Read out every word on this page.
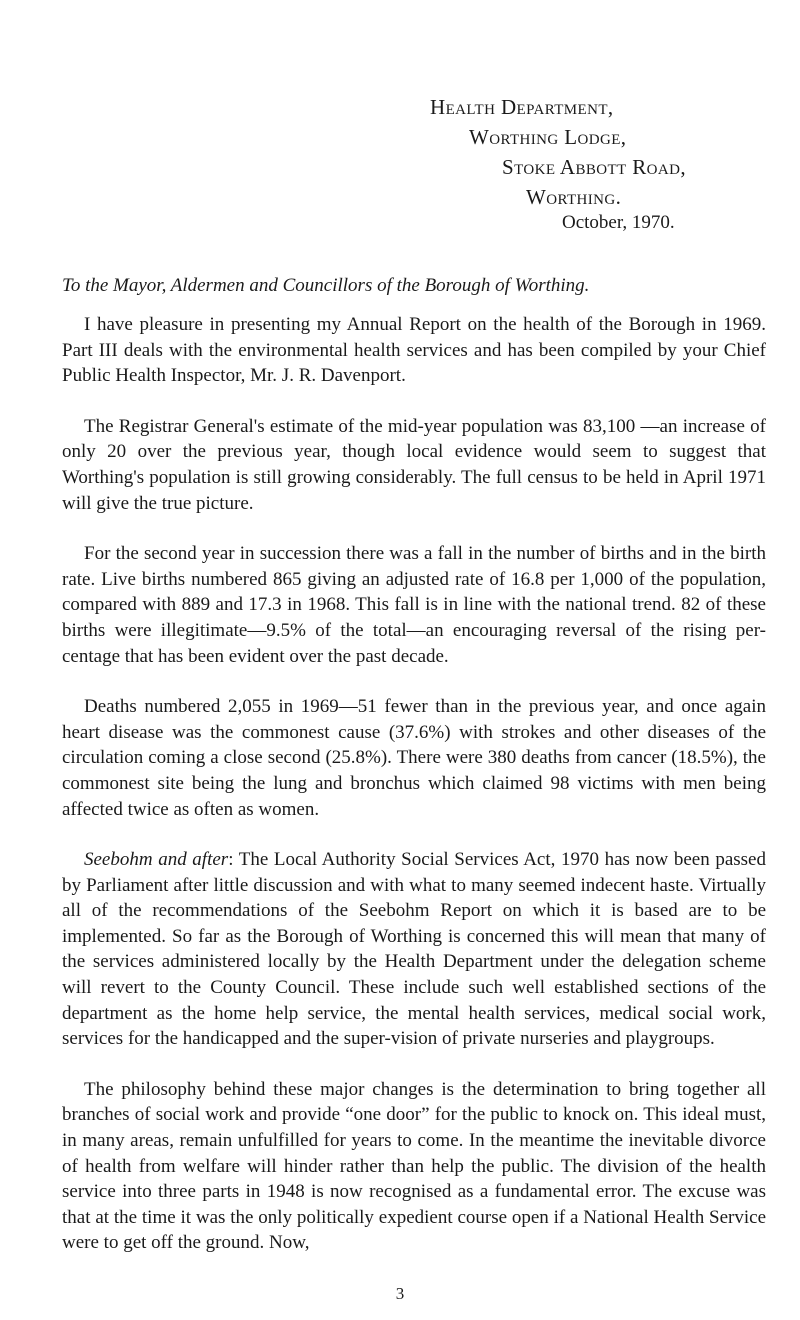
Health Department,
Worthing Lodge,
Stoke Abbott Road,
Worthing.
October, 1970.
To the Mayor, Aldermen and Councillors of the Borough of Worthing.

I have pleasure in presenting my Annual Report on the health of the Borough in 1969. Part III deals with the environmental health services and has been compiled by your Chief Public Health Inspector, Mr. J. R. Davenport.

The Registrar General's estimate of the mid-year population was 83,100 —an increase of only 20 over the previous year, though local evidence would seem to suggest that Worthing's population is still growing considerably. The full census to be held in April 1971 will give the true picture.

For the second year in succession there was a fall in the number of births and in the birth rate. Live births numbered 865 giving an adjusted rate of 16.8 per 1,000 of the population, compared with 889 and 17.3 in 1968. This fall is in line with the national trend. 82 of these births were illegitimate—9.5% of the total—an encouraging reversal of the rising per-centage that has been evident over the past decade.

Deaths numbered 2,055 in 1969—51 fewer than in the previous year, and once again heart disease was the commonest cause (37.6%) with strokes and other diseases of the circulation coming a close second (25.8%). There were 380 deaths from cancer (18.5%), the commonest site being the lung and bronchus which claimed 98 victims with men being affected twice as often as women.

Seebohm and after: The Local Authority Social Services Act, 1970 has now been passed by Parliament after little discussion and with what to many seemed indecent haste. Virtually all of the recommendations of the Seebohm Report on which it is based are to be implemented. So far as the Borough of Worthing is concerned this will mean that many of the services administered locally by the Health Department under the delegation scheme will revert to the County Council. These include such well established sections of the department as the home help service, the mental health services, medical social work, services for the handicapped and the super-vision of private nurseries and playgroups.

The philosophy behind these major changes is the determination to bring together all branches of social work and provide “one door” for the public to knock on. This ideal must, in many areas, remain unfulfilled for years to come. In the meantime the inevitable divorce of health from welfare will hinder rather than help the public. The division of the health service into three parts in 1948 is now recognised as a fundamental error. The excuse was that at the time it was the only politically expedient course open if a National Health Service were to get off the ground. Now,

3
